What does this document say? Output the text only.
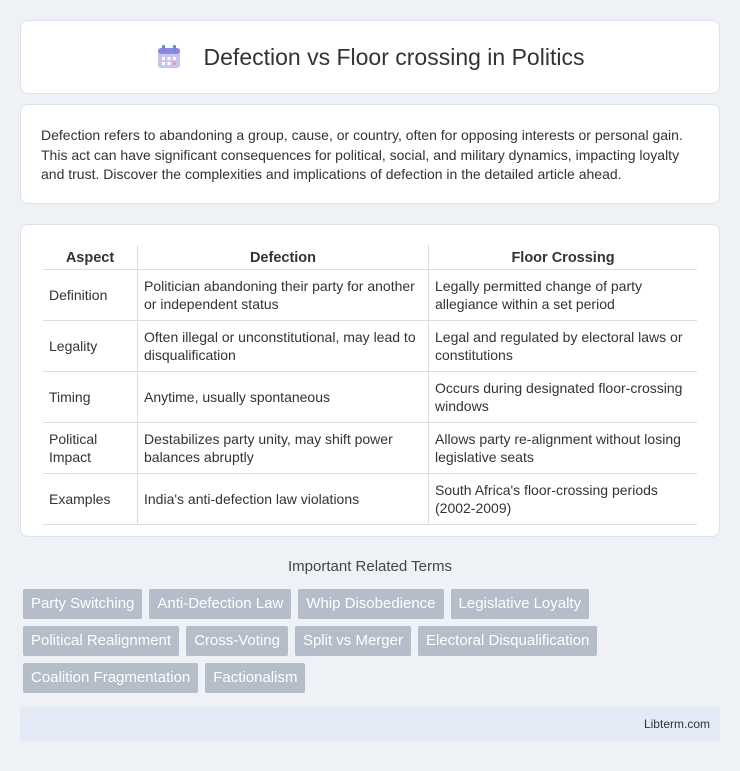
Defection vs Floor crossing in Politics

Defection refers to abandoning a group, cause, or country, often for opposing interests or personal gain. This act can have significant consequences for political, social, and military dynamics, impacting loyalty and trust. Discover the complexities and implications of defection in the detailed article ahead.

Aspect	Defection	Floor Crossing
Definition	Politician abandoning their party for another or independent status	Legally permitted change of party allegiance within a set period
Legality	Often illegal or unconstitutional, may lead to disqualification	Legal and regulated by electoral laws or constitutions
Timing	Anytime, usually spontaneous	Occurs during designated floor-crossing windows
Political Impact	Destabilizes party unity, may shift power balances abruptly	Allows party re-alignment without losing legislative seats
Examples	India's anti-defection law violations	South Africa's floor-crossing periods (2002-2009)
Important Related Terms
Party Switching	Anti-Defection Law	Whip Disobedience	Legislative Loyalty
Political Realignment	Cross-Voting	Split vs Merger	Electoral Disqualification
Coalition Fragmentation	Factionalism
Libterm.com
